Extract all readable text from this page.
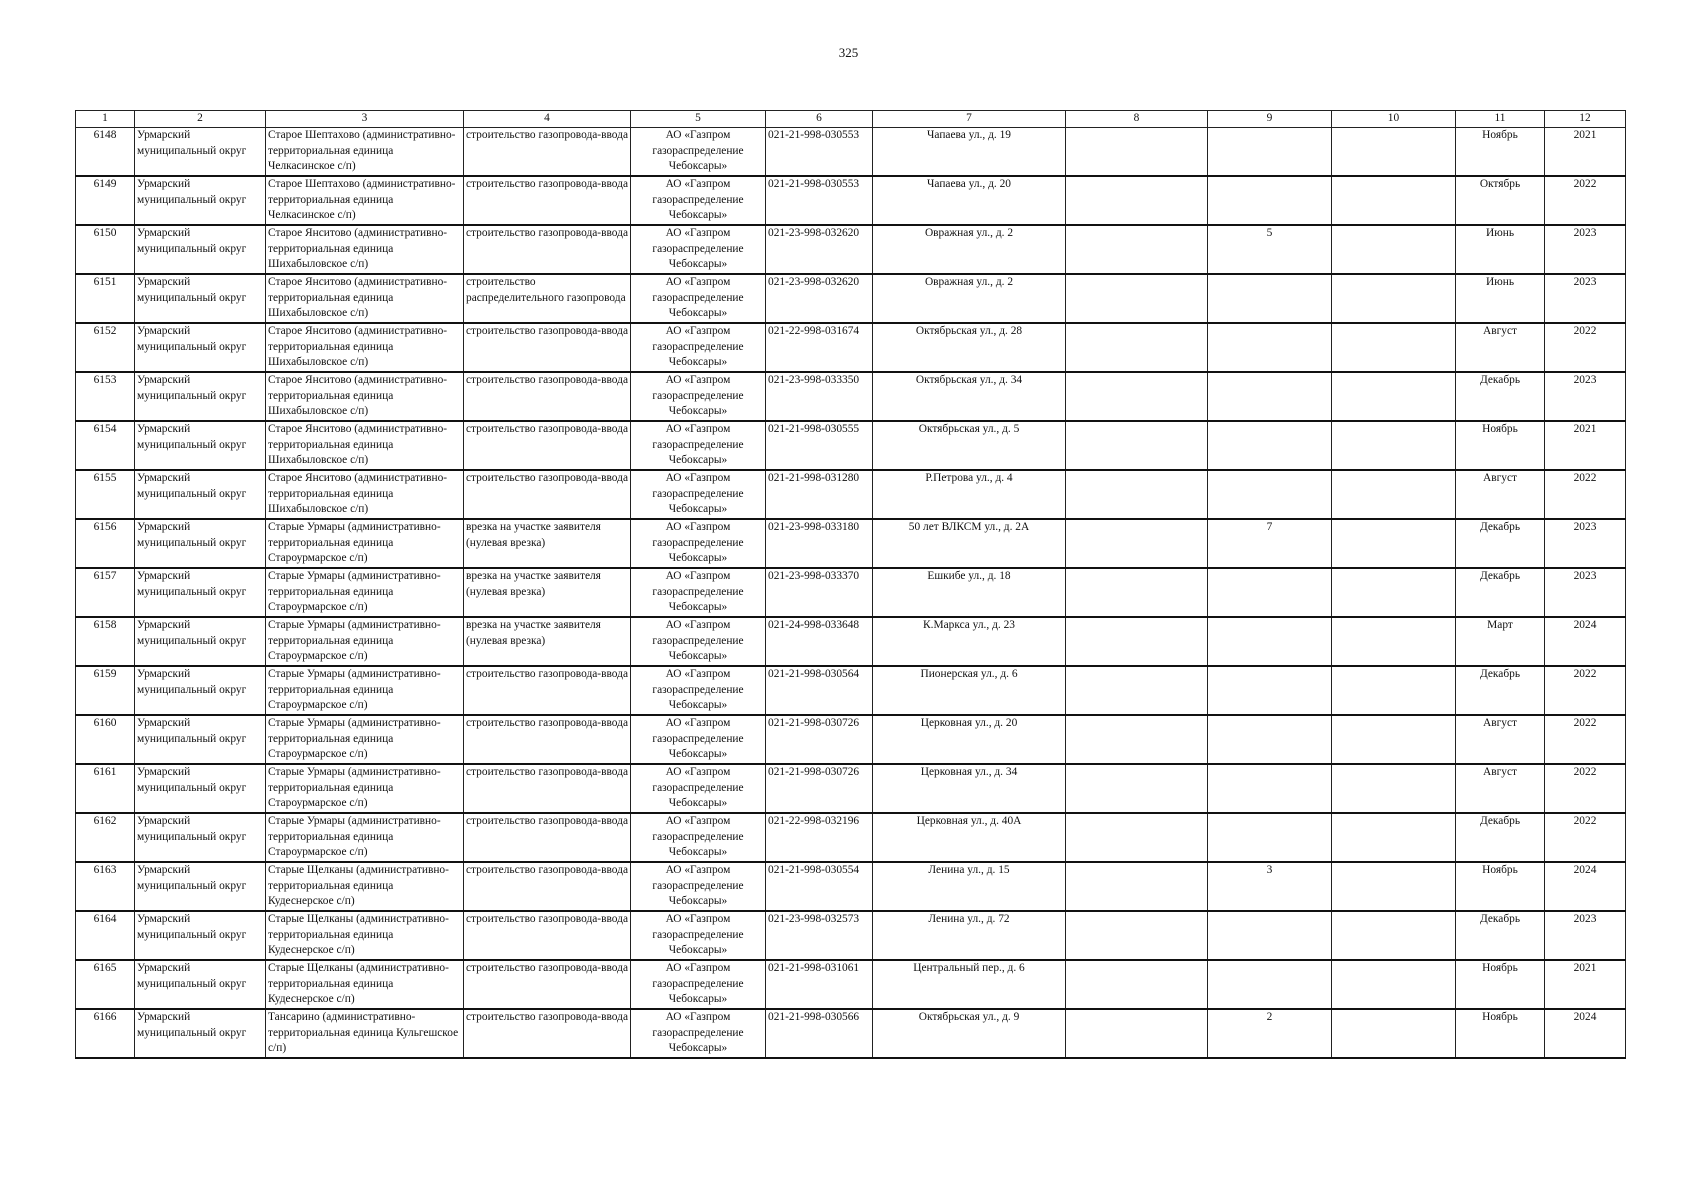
325
1	2	3	4	5	6	7	8	9	10	11	12
6148	Урмарский муниципальный округ	Старое Шептахово (административно-территориальная единица Челкасинское с/п)	строительство газопровода-ввода	АО «Газпром газораспределение Чебоксары»	021-21-998-030553	Чапаева ул., д. 19				Ноябрь	2021
6149	Урмарский муниципальный округ	Старое Шептахово (административно-территориальная единица Челкасинское с/п)	строительство газопровода-ввода	АО «Газпром газораспределение Чебоксары»	021-21-998-030553	Чапаева ул., д. 20				Октябрь	2022
6150	Урмарский муниципальный округ	Старое Янситово (административно-территориальная единица Шихабыловское с/п)	строительство газопровода-ввода	АО «Газпром газораспределение Чебоксары»	021-23-998-032620	Овражная ул., д. 2		5		Июнь	2023
6151	Урмарский муниципальный округ	Старое Янситово (административно-территориальная единица Шихабыловское с/п)	строительство распределительного газопровода	АО «Газпром газораспределение Чебоксары»	021-23-998-032620	Овражная ул., д. 2				Июнь	2023
6152	Урмарский муниципальный округ	Старое Янситово (административно-территориальная единица Шихабыловское с/п)	строительство газопровода-ввода	АО «Газпром газораспределение Чебоксары»	021-22-998-031674	Октябрьская ул., д. 28				Август	2022
6153	Урмарский муниципальный округ	Старое Янситово (административно-территориальная единица Шихабыловское с/п)	строительство газопровода-ввода	АО «Газпром газораспределение Чебоксары»	021-23-998-033350	Октябрьская ул., д. 34				Декабрь	2023
6154	Урмарский муниципальный округ	Старое Янситово (административно-территориальная единица Шихабыловское с/п)	строительство газопровода-ввода	АО «Газпром газораспределение Чебоксары»	021-21-998-030555	Октябрьская ул., д. 5				Ноябрь	2021
6155	Урмарский муниципальный округ	Старое Янситово (административно-территориальная единица Шихабыловское с/п)	строительство газопровода-ввода	АО «Газпром газораспределение Чебоксары»	021-21-998-031280	Р.Петрова ул., д. 4				Август	2022
6156	Урмарский муниципальный округ	Старые Урмары (административно-территориальная единица Староурмарское с/п)	врезка на участке заявителя (нулевая врезка)	АО «Газпром газораспределение Чебоксары»	021-23-998-033180	50 лет ВЛКСМ ул., д. 2А		7		Декабрь	2023
6157	Урмарский муниципальный округ	Старые Урмары (административно-территориальная единица Староурмарское с/п)	врезка на участке заявителя (нулевая врезка)	АО «Газпром газораспределение Чебоксары»	021-23-998-033370	Ешкибе ул., д. 18				Декабрь	2023
6158	Урмарский муниципальный округ	Старые Урмары (административно-территориальная единица Староурмарское с/п)	врезка на участке заявителя (нулевая врезка)	АО «Газпром газораспределение Чебоксары»	021-24-998-033648	К.Маркса ул., д. 23				Март	2024
6159	Урмарский муниципальный округ	Старые Урмары (административно-территориальная единица Староурмарское с/п)	строительство газопровода-ввода	АО «Газпром газораспределение Чебоксары»	021-21-998-030564	Пионерская ул., д. 6				Декабрь	2022
6160	Урмарский муниципальный округ	Старые Урмары (административно-территориальная единица Староурмарское с/п)	строительство газопровода-ввода	АО «Газпром газораспределение Чебоксары»	021-21-998-030726	Церковная ул., д. 20				Август	2022
6161	Урмарский муниципальный округ	Старые Урмары (административно-территориальная единица Староурмарское с/п)	строительство газопровода-ввода	АО «Газпром газораспределение Чебоксары»	021-21-998-030726	Церковная ул., д. 34				Август	2022
6162	Урмарский муниципальный округ	Старые Урмары (административно-территориальная единица Староурмарское с/п)	строительство газопровода-ввода	АО «Газпром газораспределение Чебоксары»	021-22-998-032196	Церковная ул., д. 40А				Декабрь	2022
6163	Урмарский муниципальный округ	Старые Щелканы (административно-территориальная единица Кудеснерское с/п)	строительство газопровода-ввода	АО «Газпром газораспределение Чебоксары»	021-21-998-030554	Ленина ул., д. 15		3		Ноябрь	2024
6164	Урмарский муниципальный округ	Старые Щелканы (административно-территориальная единица Кудеснерское с/п)	строительство газопровода-ввода	АО «Газпром газораспределение Чебоксары»	021-23-998-032573	Ленина ул., д. 72				Декабрь	2023
6165	Урмарский муниципальный округ	Старые Щелканы (административно-территориальная единица Кудеснерское с/п)	строительство газопровода-ввода	АО «Газпром газораспределение Чебоксары»	021-21-998-031061	Центральный пер., д. 6				Ноябрь	2021
6166	Урмарский муниципальный округ	Тансарино (административно-территориальная единица Кульгешское с/п)	строительство газопровода-ввода	АО «Газпром газораспределение Чебоксары»	021-21-998-030566	Октябрьская ул., д. 9		2		Ноябрь	2024
